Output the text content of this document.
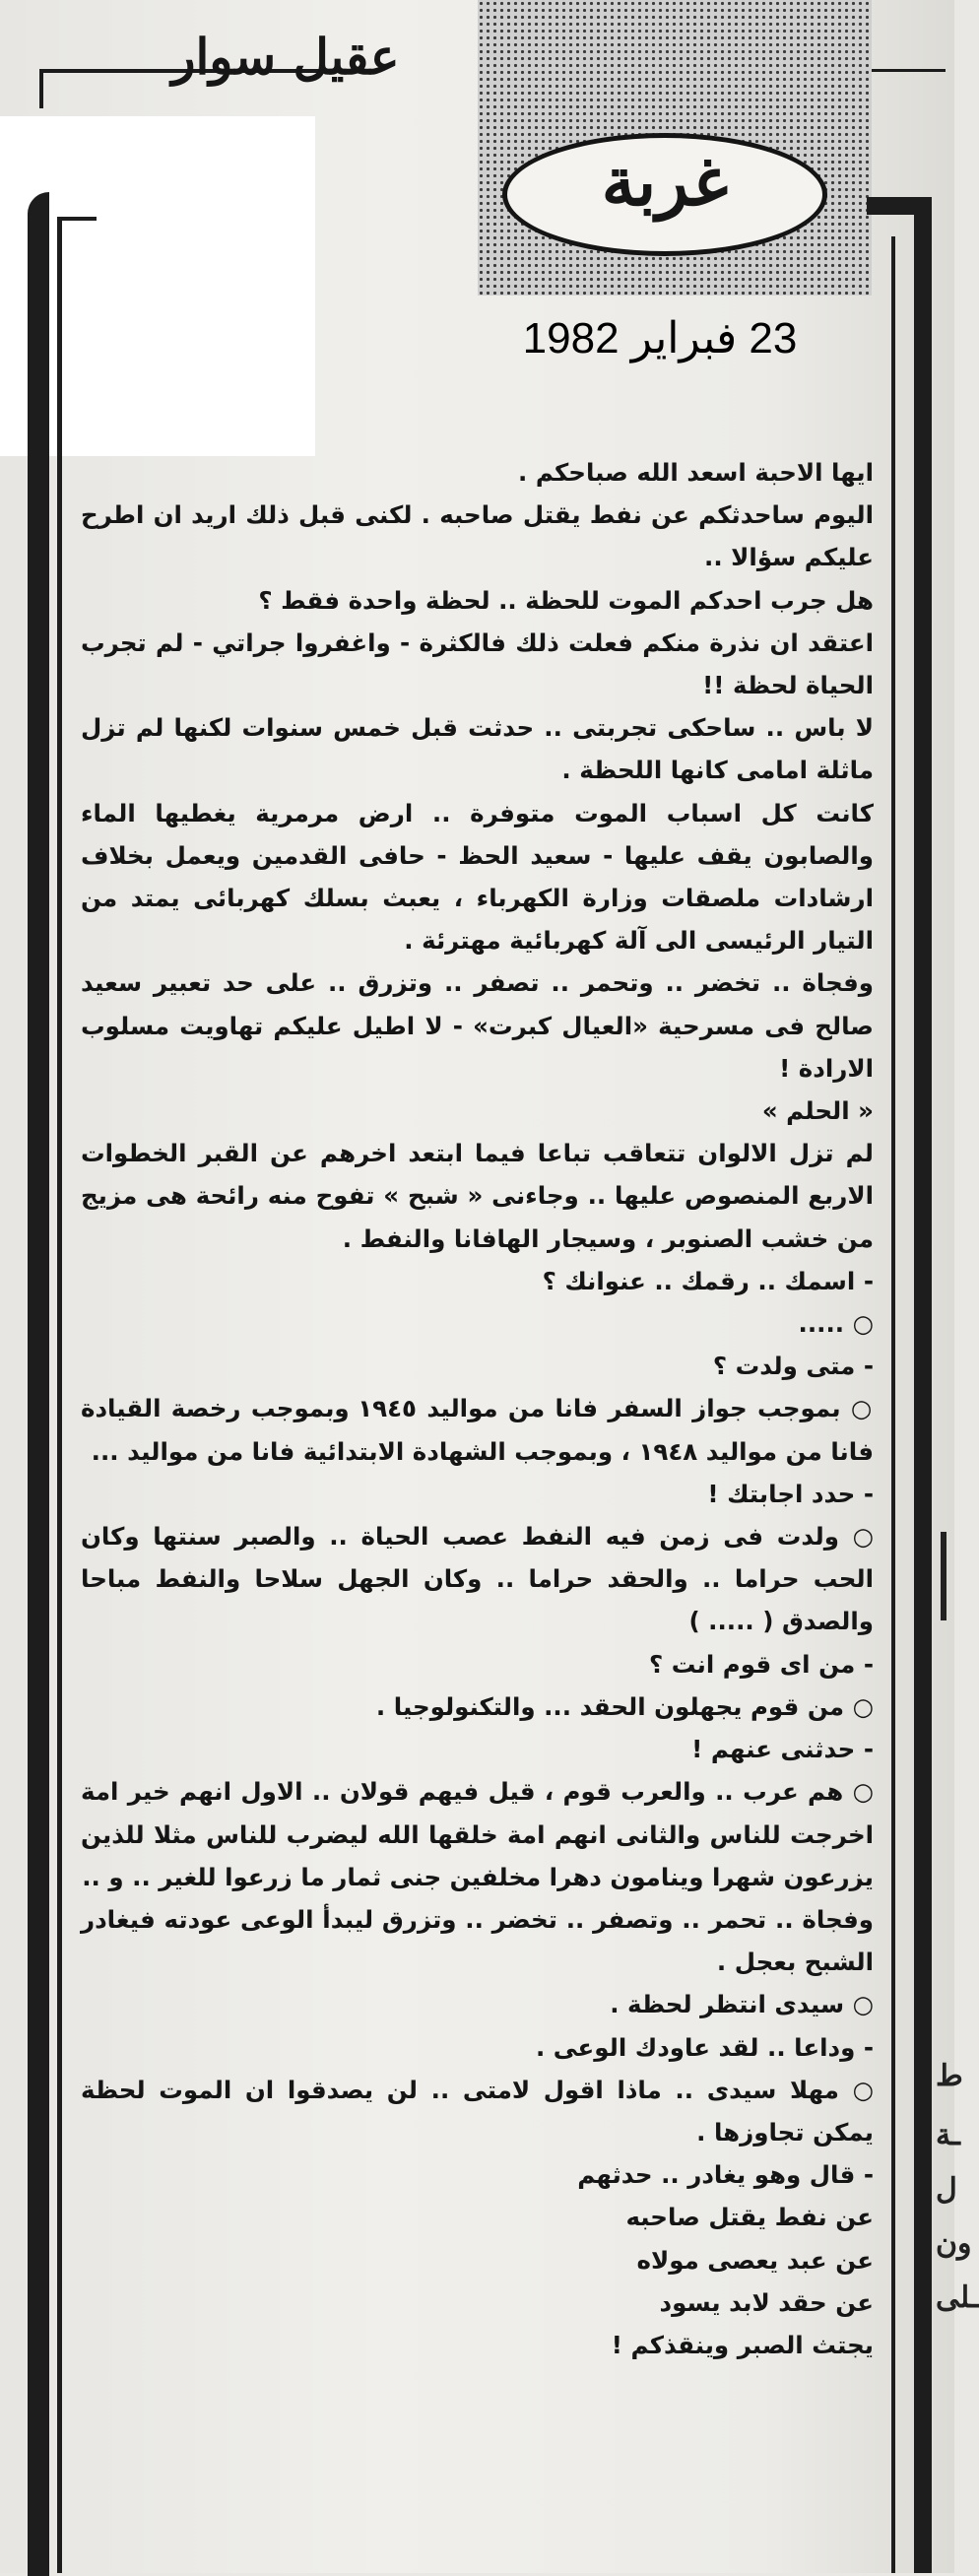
عقيل سوار
غربة
23 فبراير 1982

ايها الاحبة اسعد الله صباحكم .

اليوم ساحدثكم عن نفط يقتل صاحبه . لكنى قبل ذلك اريد ان اطرح عليكم سؤالا ..

هل جرب احدكم الموت للحظة .. لحظة واحدة فقط ؟

اعتقد ان نذرة منكم فعلت ذلك فالكثرة - واغفروا جراتي - لم تجرب الحياة لحظة !!

لا باس .. ساحكى تجربتى .. حدثت قبل خمس سنوات لكنها لم تزل ماثلة امامى كانها اللحظة .

كانت كل اسباب الموت متوفرة .. ارض مرمرية يغطيها الماء والصابون يقف عليها - سعيد الحظ - حافى القدمين ويعمل بخلاف ارشادات ملصقات وزارة الكهرباء ، يعبث بسلك كهربائى يمتد من التيار الرئيسى الى آلة كهربائية مهترئة .

وفجاة .. تخضر .. وتحمر .. تصفر .. وتزرق .. على حد تعبير سعيد صالح فى مسرحية «العيال كبرت» - لا اطيل عليكم تهاويت مسلوب الارادة !

« الحلم »

لم تزل الالوان تتعاقب تباعا فيما ابتعد اخرهم عن القبر الخطوات الاربع المنصوص عليها .. وجاءنى « شبح » تفوح منه رائحة هى مزيج من خشب الصنوبر ، وسيجار الهافانا والنفط .

- اسمك .. رقمك .. عنوانك ؟

○ .....

- متى ولدت ؟

○ بموجب جواز السفر فانا من مواليد ١٩٤٥ وبموجب رخصة القيادة فانا من مواليد ١٩٤٨ ، وبموجب الشهادة الابتدائية فانا من مواليد ...

- حدد اجابتك !

○ ولدت فى زمن فيه النفط عصب الحياة .. والصبر سنتها وكان الحب حراما .. والحقد حراما .. وكان الجهل سلاحا والنفط مباحا والصدق ( ..... )

- من اى قوم انت ؟

○ من قوم يجهلون الحقد ... والتكنولوجيا .

- حدثنى عنهم !

○ هم عرب .. والعرب قوم ، قيل فيهم قولان .. الاول انهم خير امة اخرجت للناس والثانى انهم امة خلقها الله ليضرب للناس مثلا للذين يزرعون شهرا وينامون دهرا مخلفين جنى ثمار ما زرعوا للغير .. و ..

وفجاة .. تحمر .. وتصفر .. تخضر .. وتزرق ليبدأ الوعى عودته فيغادر الشبح بعجل .

○ سيدى انتظر لحظة .

- وداعا .. لقد عاودك الوعى .

○ مهلا سيدى .. ماذا اقول لامتى .. لن يصدقوا ان الموت لحظة يمكن تجاوزها .

- قال وهو يغادر .. حدثهم

عن نفط يقتل صاحبه

عن عبد يعصى مولاه

عن حقد لابد يسود

يجتث الصبر وينقذكم !

ط
ـة
ل
ون
ـلى
